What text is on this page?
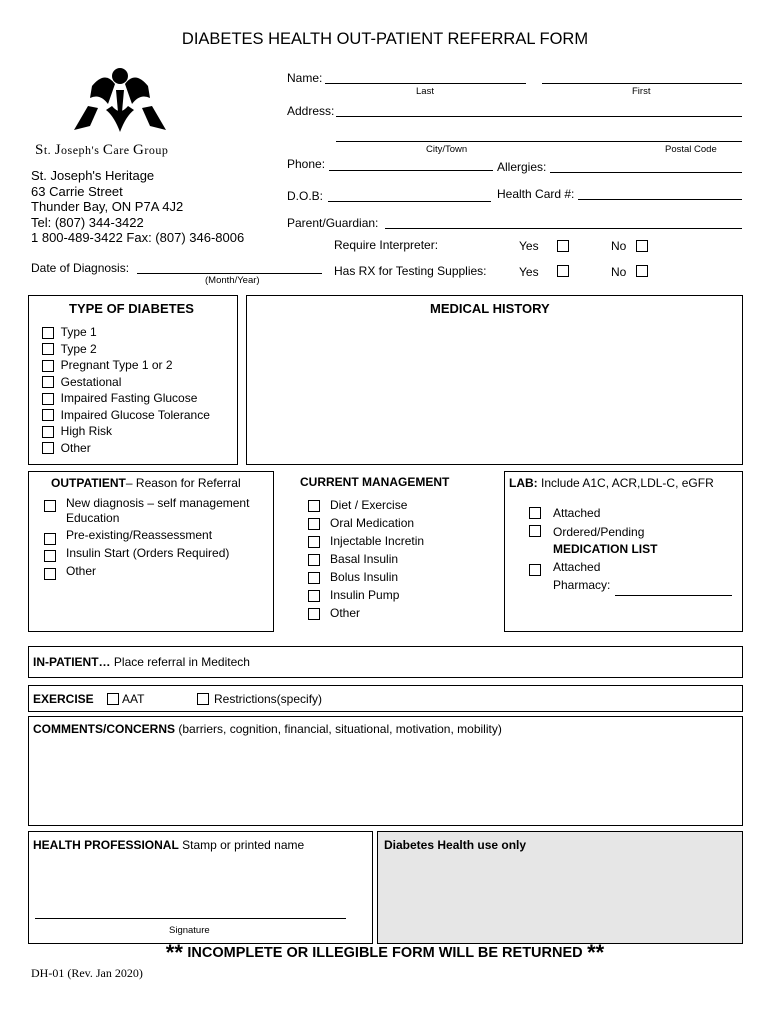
DIABETES HEALTH OUT-PATIENT REFERRAL FORM
St. Joseph's Care Group
St. Joseph's Heritage
63 Carrie Street
Thunder Bay, ON P7A 4J2
Tel: (807) 344-3422
1 800-489-3422 Fax: (807) 346-8006
Name:
Last	First
Address:
City/Town	Postal Code
Phone:	Allergies:
D.O.B:	Health Card #:
Parent/Guardian:
Require Interpreter:	Yes	No
Date of Diagnosis:
(Month/Year)
Has RX for Testing Supplies:	Yes	No
TYPE OF DIABETES
Type 1
Type 2
Pregnant Type 1 or 2
Gestational
Impaired Fasting Glucose
Impaired Glucose Tolerance
High Risk
Other
MEDICAL HISTORY
OUTPATIENT– Reason for Referral
New diagnosis – self management
Education
Pre-existing/Reassessment
Insulin Start (Orders Required)
Other
CURRENT MANAGEMENT
Diet / Exercise
Oral Medication
Injectable Incretin
Basal Insulin
Bolus Insulin
Insulin Pump
Other
LAB: Include A1C, ACR,LDL-C, eGFR
Attached
Ordered/Pending
MEDICATION LIST
Attached
Pharmacy:
IN-PATIENT… Place referral in Meditech
EXERCISE AAT	Restrictions(specify)
COMMENTS/CONCERNS (barriers, cognition, financial, situational, motivation, mobility)
HEALTH PROFESSIONAL Stamp or printed name
Signature
Diabetes Health use only
** INCOMPLETE OR ILLEGIBLE FORM WILL BE RETURNED **
DH-01 (Rev. Jan 2020)
